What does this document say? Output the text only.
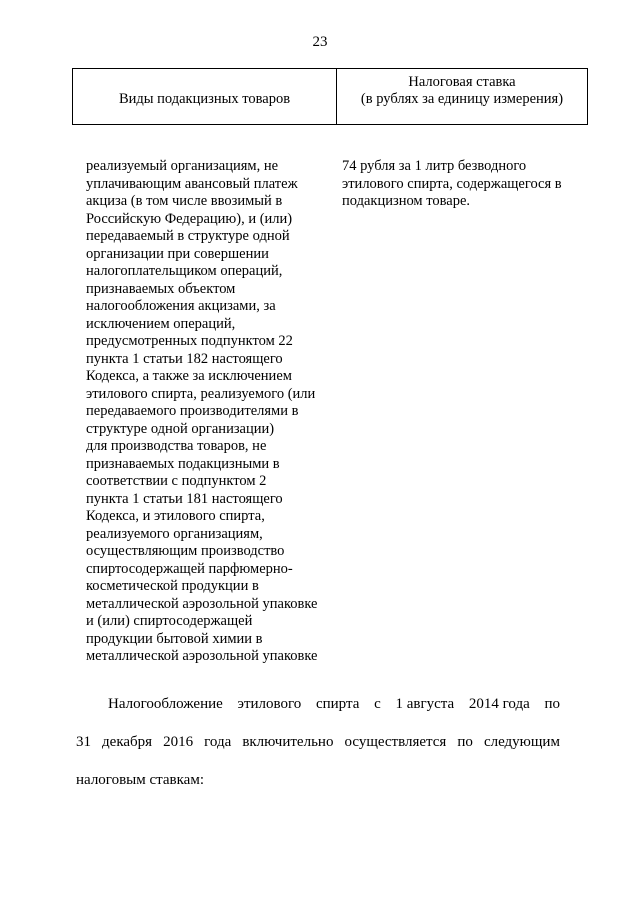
23
Виды подакцизных товаров
Налоговая ставка
(в рублях за единицу измерения)
реализуемый организациям, не
уплачивающим авансовый платеж
акциза (в том числе ввозимый в
Российскую Федерацию), и (или)
передаваемый в структуре одной
организации при совершении
налогоплательщиком операций,
признаваемых объектом
налогообложения акцизами, за
исключением операций,
предусмотренных подпунктом 22
пункта 1 статьи 182 настоящего
Кодекса, а также за исключением
этилового спирта, реализуемого (или
передаваемого производителями в
структуре одной организации)
для производства товаров, не
признаваемых подакцизными в
соответствии с подпунктом 2
пункта 1 статьи 181 настоящего
Кодекса, и этилового спирта,
реализуемого организациям,
осуществляющим производство
спиртосодержащей парфюмерно-
косметической продукции в
металлической аэрозольной упаковке
и (или) спиртосодержащей
продукции бытовой химии в
металлической аэрозольной упаковке
74 рубля за 1 литр безводного
этилового спирта, содержащегося в
подакцизном товаре.
Налогообложение этилового спирта с 1 августа 2014 года по
31 декабря 2016 года включительно осуществляется по следующим
налоговым ставкам:
